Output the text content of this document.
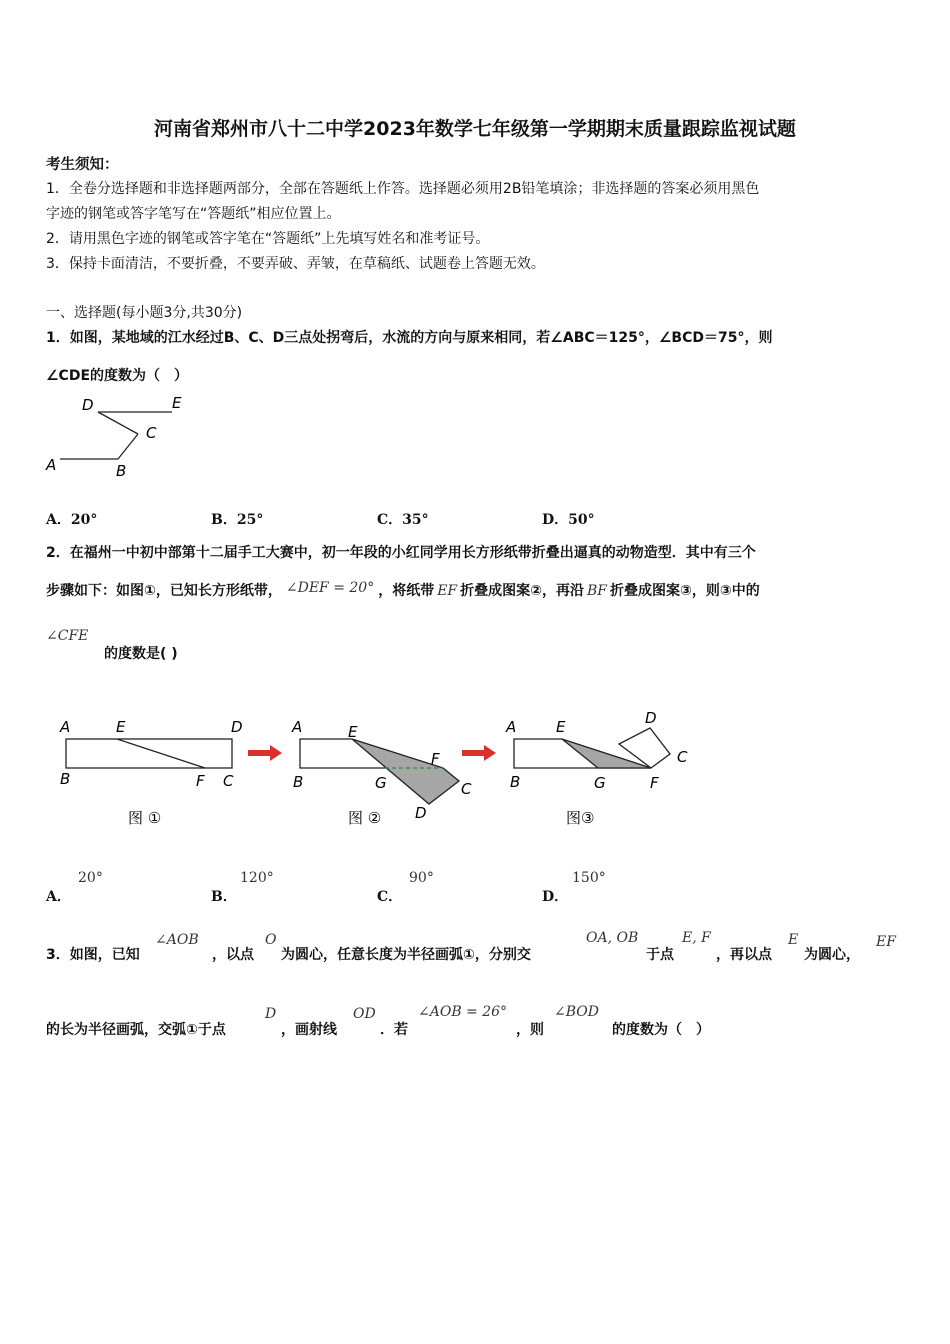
河南省郑州市八十二中学2023年数学七年级第一学期期末质量跟踪监视试题
考生须知：
1．全卷分选择题和非选择题两部分，全部在答题纸上作答。选择题必须用2B铅笔填涂；非选择题的答案必须用黑色
字迹的钢笔或答字笔写在“答题纸”相应位置上。
2．请用黑色字迹的钢笔或答字笔在“答题纸”上先填写姓名和准考证号。
3．保持卡面清洁，不要折叠，不要弄破、弄皱，在草稿纸、试题卷上答题无效。
一、选择题(每小题3分,共30分)
1．如图，某地域的江水经过B、C、D三点处拐弯后，水流的方向与原来相同，若∠ABC＝125°，∠BCD＝75°，则
∠CDE的度数为（　）
D	E
C
A	B
A．20°	B．25°	C．35°	D．50°
2．在福州一中初中部第十二届手工大赛中，初一年段的小红同学用长方形纸带折叠出逼真的动物造型．其中有三个
步骤如下：如图①，已知长方形纸带， ∠DEF = 20° ，将纸带 EF 折叠成图案②，再沿 BF 折叠成图案③，则③中的
∠CFE
的度数是( )
A	E	D
B	F C
图 ①
A	E
F
B	G	C
D
图 ②
A	E	D
C
B	G	F
图③
A．
20°
B．
120°
C．
90°
D．
150°
3．如图，已知
∠AOB
，以点
O
为圆心，任意长度为半径画弧①，分别交
OA, OB
于点
E, F
，再以点
E
为圆心，
EF
的长为半径画弧，交弧①于点
D
，画射线
OD
．若
∠AOB = 26°
，则
∠BOD
的度数为（　）
